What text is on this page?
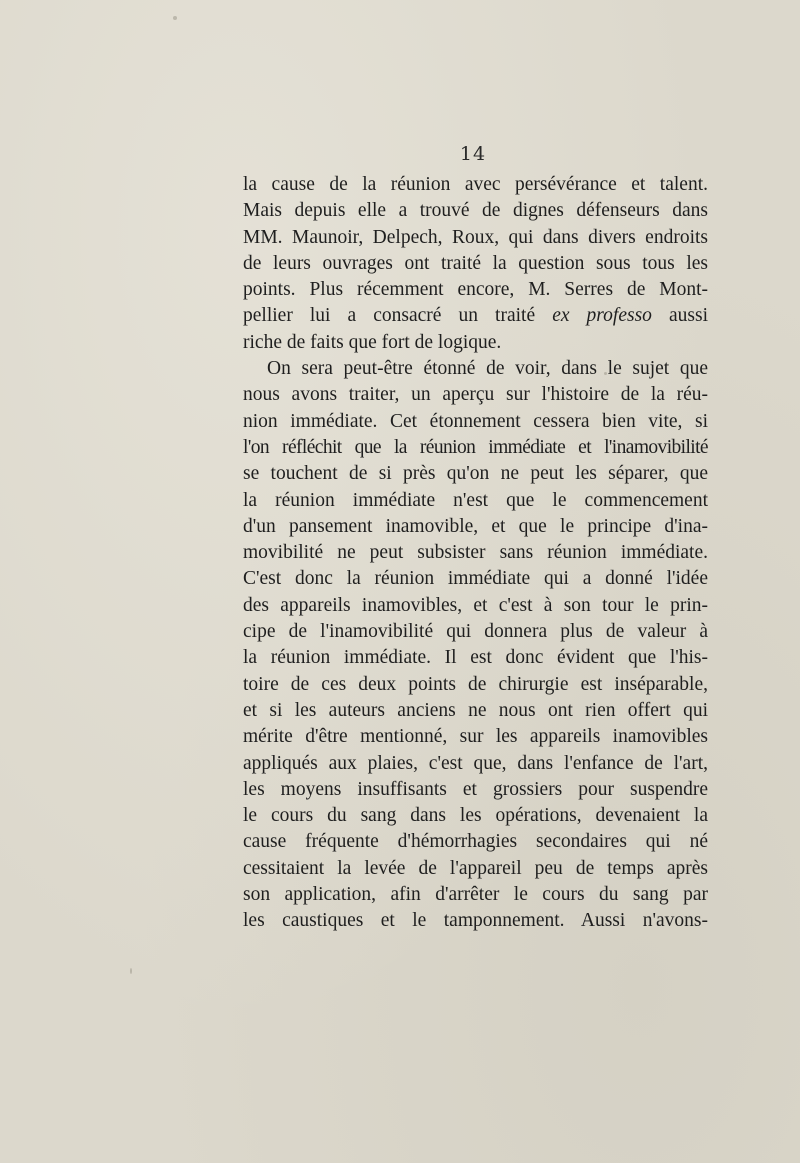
14
la cause de la réunion avec persévérance et talent.
Mais depuis elle a trouvé de dignes défenseurs dans
MM. Maunoir, Delpech, Roux, qui dans divers endroits
de leurs ouvrages ont traité la question sous tous les
points. Plus récemment encore, M. Serres de Mont-
pellier lui a consacré un traité ex professo aussi
riche de faits que fort de logique.
On sera peut-être étonné de voir, dans le sujet que
nous avons traiter, un aperçu sur l'histoire de la réu-
nion immédiate. Cet étonnement cessera bien vite, si
l'on réfléchit que la réunion immédiate et l'inamovibilité
se touchent de si près qu'on ne peut les séparer, que
la réunion immédiate n'est que le commencement
d'un pansement inamovible, et que le principe d'ina-
movibilité ne peut subsister sans réunion immédiate.
C'est donc la réunion immédiate qui a donné l'idée
des appareils inamovibles, et c'est à son tour le prin-
cipe de l'inamovibilité qui donnera plus de valeur à
la réunion immédiate. Il est donc évident que l'his-
toire de ces deux points de chirurgie est inséparable,
et si les auteurs anciens ne nous ont rien offert qui
mérite d'être mentionné, sur les appareils inamovibles
appliqués aux plaies, c'est que, dans l'enfance de l'art,
les moyens insuffisants et grossiers pour suspendre
le cours du sang dans les opérations, devenaient la
cause fréquente d'hémorrhagies secondaires qui né
cessitaient la levée de l'appareil peu de temps après
son application, afin d'arrêter le cours du sang par
les caustiques et le tamponnement. Aussi n'avons-
